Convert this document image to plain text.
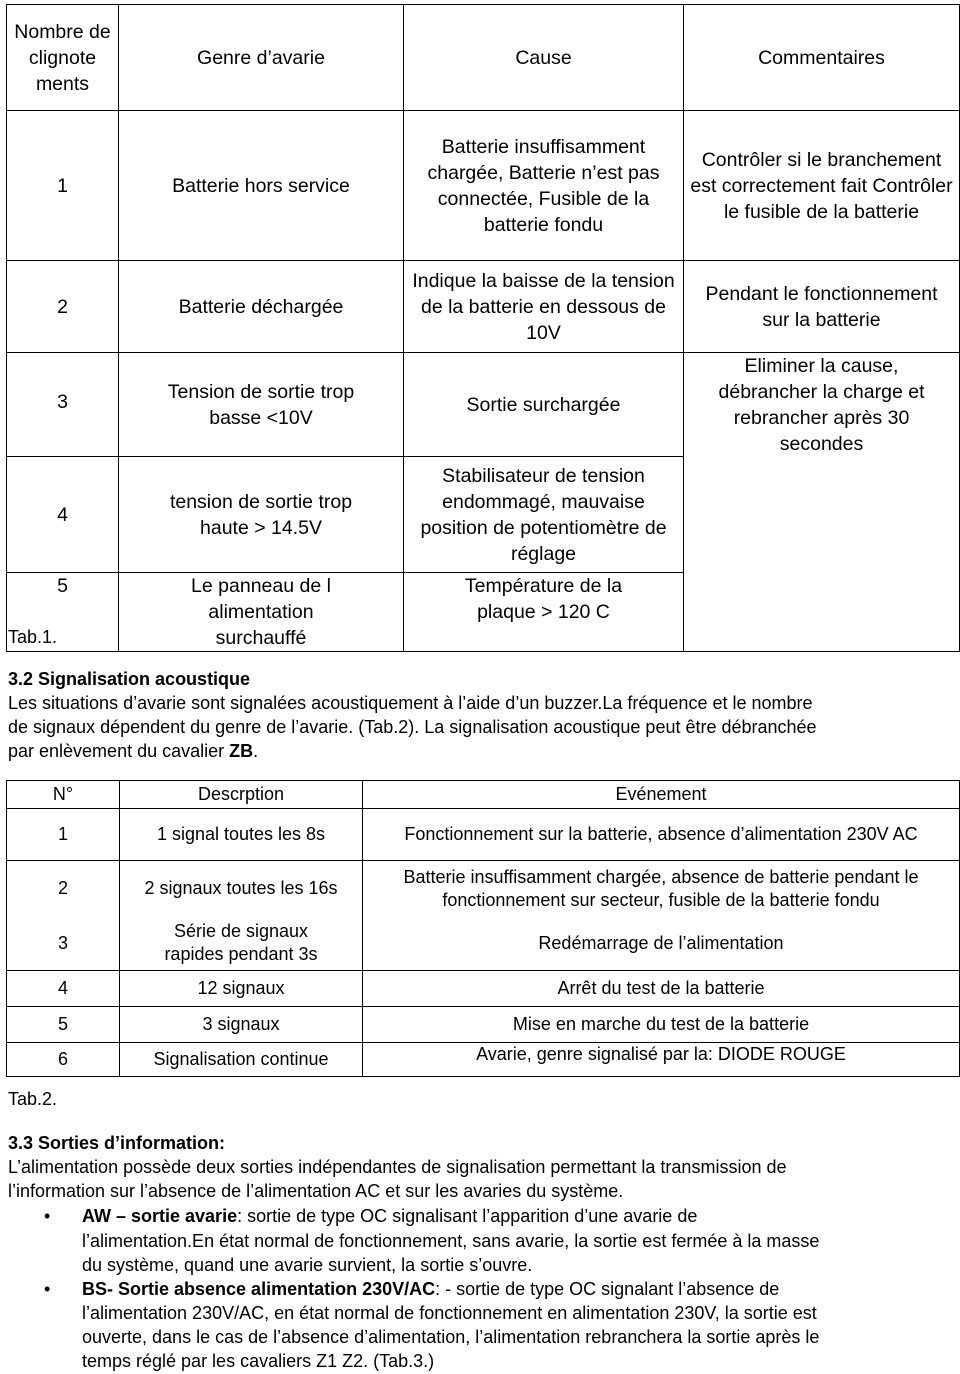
Nombre de clignote ments	Genre d’avarie	Cause	Commentaires
1	Batterie hors service	Batterie insuffisamment chargée, Batterie n’est pas connectée, Fusible de la batterie fondu	Contrôler si le branchement est correctement fait Contrôler le fusible de la batterie
2	Batterie déchargée	Indique la baisse de la tension de la batterie en dessous de 10V	Pendant le fonctionnement sur la batterie
3	Tension de sortie trop basse <10V	Sortie surchargée	Eliminer la cause, débrancher la charge et rebrancher après 30 secondes
4	tension de sortie trop haute > 14.5V	Stabilisateur de tension endommagé, mauvaise position de potentiomètre de réglage	
5	Le panneau de l alimentation surchauffé	Température de la plaque > 120 C	
Tab.1.
3.2 Signalisation acoustique
Les situations d’avarie sont signalées acoustiquement à l’aide d’un buzzer.La fréquence et le nombre
de signaux dépendent du genre de l’avarie. (Tab.2). La signalisation acoustique peut être débranchée
par enlèvement du cavalier ZB.
N°	Descrption	Evénement
1	1 signal toutes les 8s	Fonctionnement sur la batterie, absence d’alimentation 230V AC
2	2 signaux toutes les 16s	Batterie insuffisamment chargée, absence de batterie pendant le fonctionnement sur secteur, fusible de la batterie fondu
3	Série de signaux rapides pendant 3s	Redémarrage de l’alimentation
4	12 signaux	Arrêt du test de la batterie
5	3 signaux	Mise en marche du test de la batterie
6	Signalisation continue	Avarie, genre signalisé par la: DIODE ROUGE
Tab.2.
3.3 Sorties d’information:
L’alimentation possède deux sorties indépendantes de signalisation permettant la transmission de
l’information sur l’absence de l’alimentation AC et sur les avaries du système.
• AW – sortie avarie: sortie de type OC signalisant l’apparition d’une avarie de
l’alimentation.En état normal de fonctionnement, sans avarie, la sortie est fermée à la masse
du système, quand une avarie survient, la sortie s’ouvre.
• BS- Sortie absence alimentation 230V/AC: - sortie de type OC signalant l’absence de
l’alimentation 230V/AC, en état normal de fonctionnement en alimentation 230V, la sortie est
ouverte, dans le cas de l’absence d’alimentation, l’alimentation rebranchera la sortie après le
temps réglé par les cavaliers Z1 Z2. (Tab.3.)
